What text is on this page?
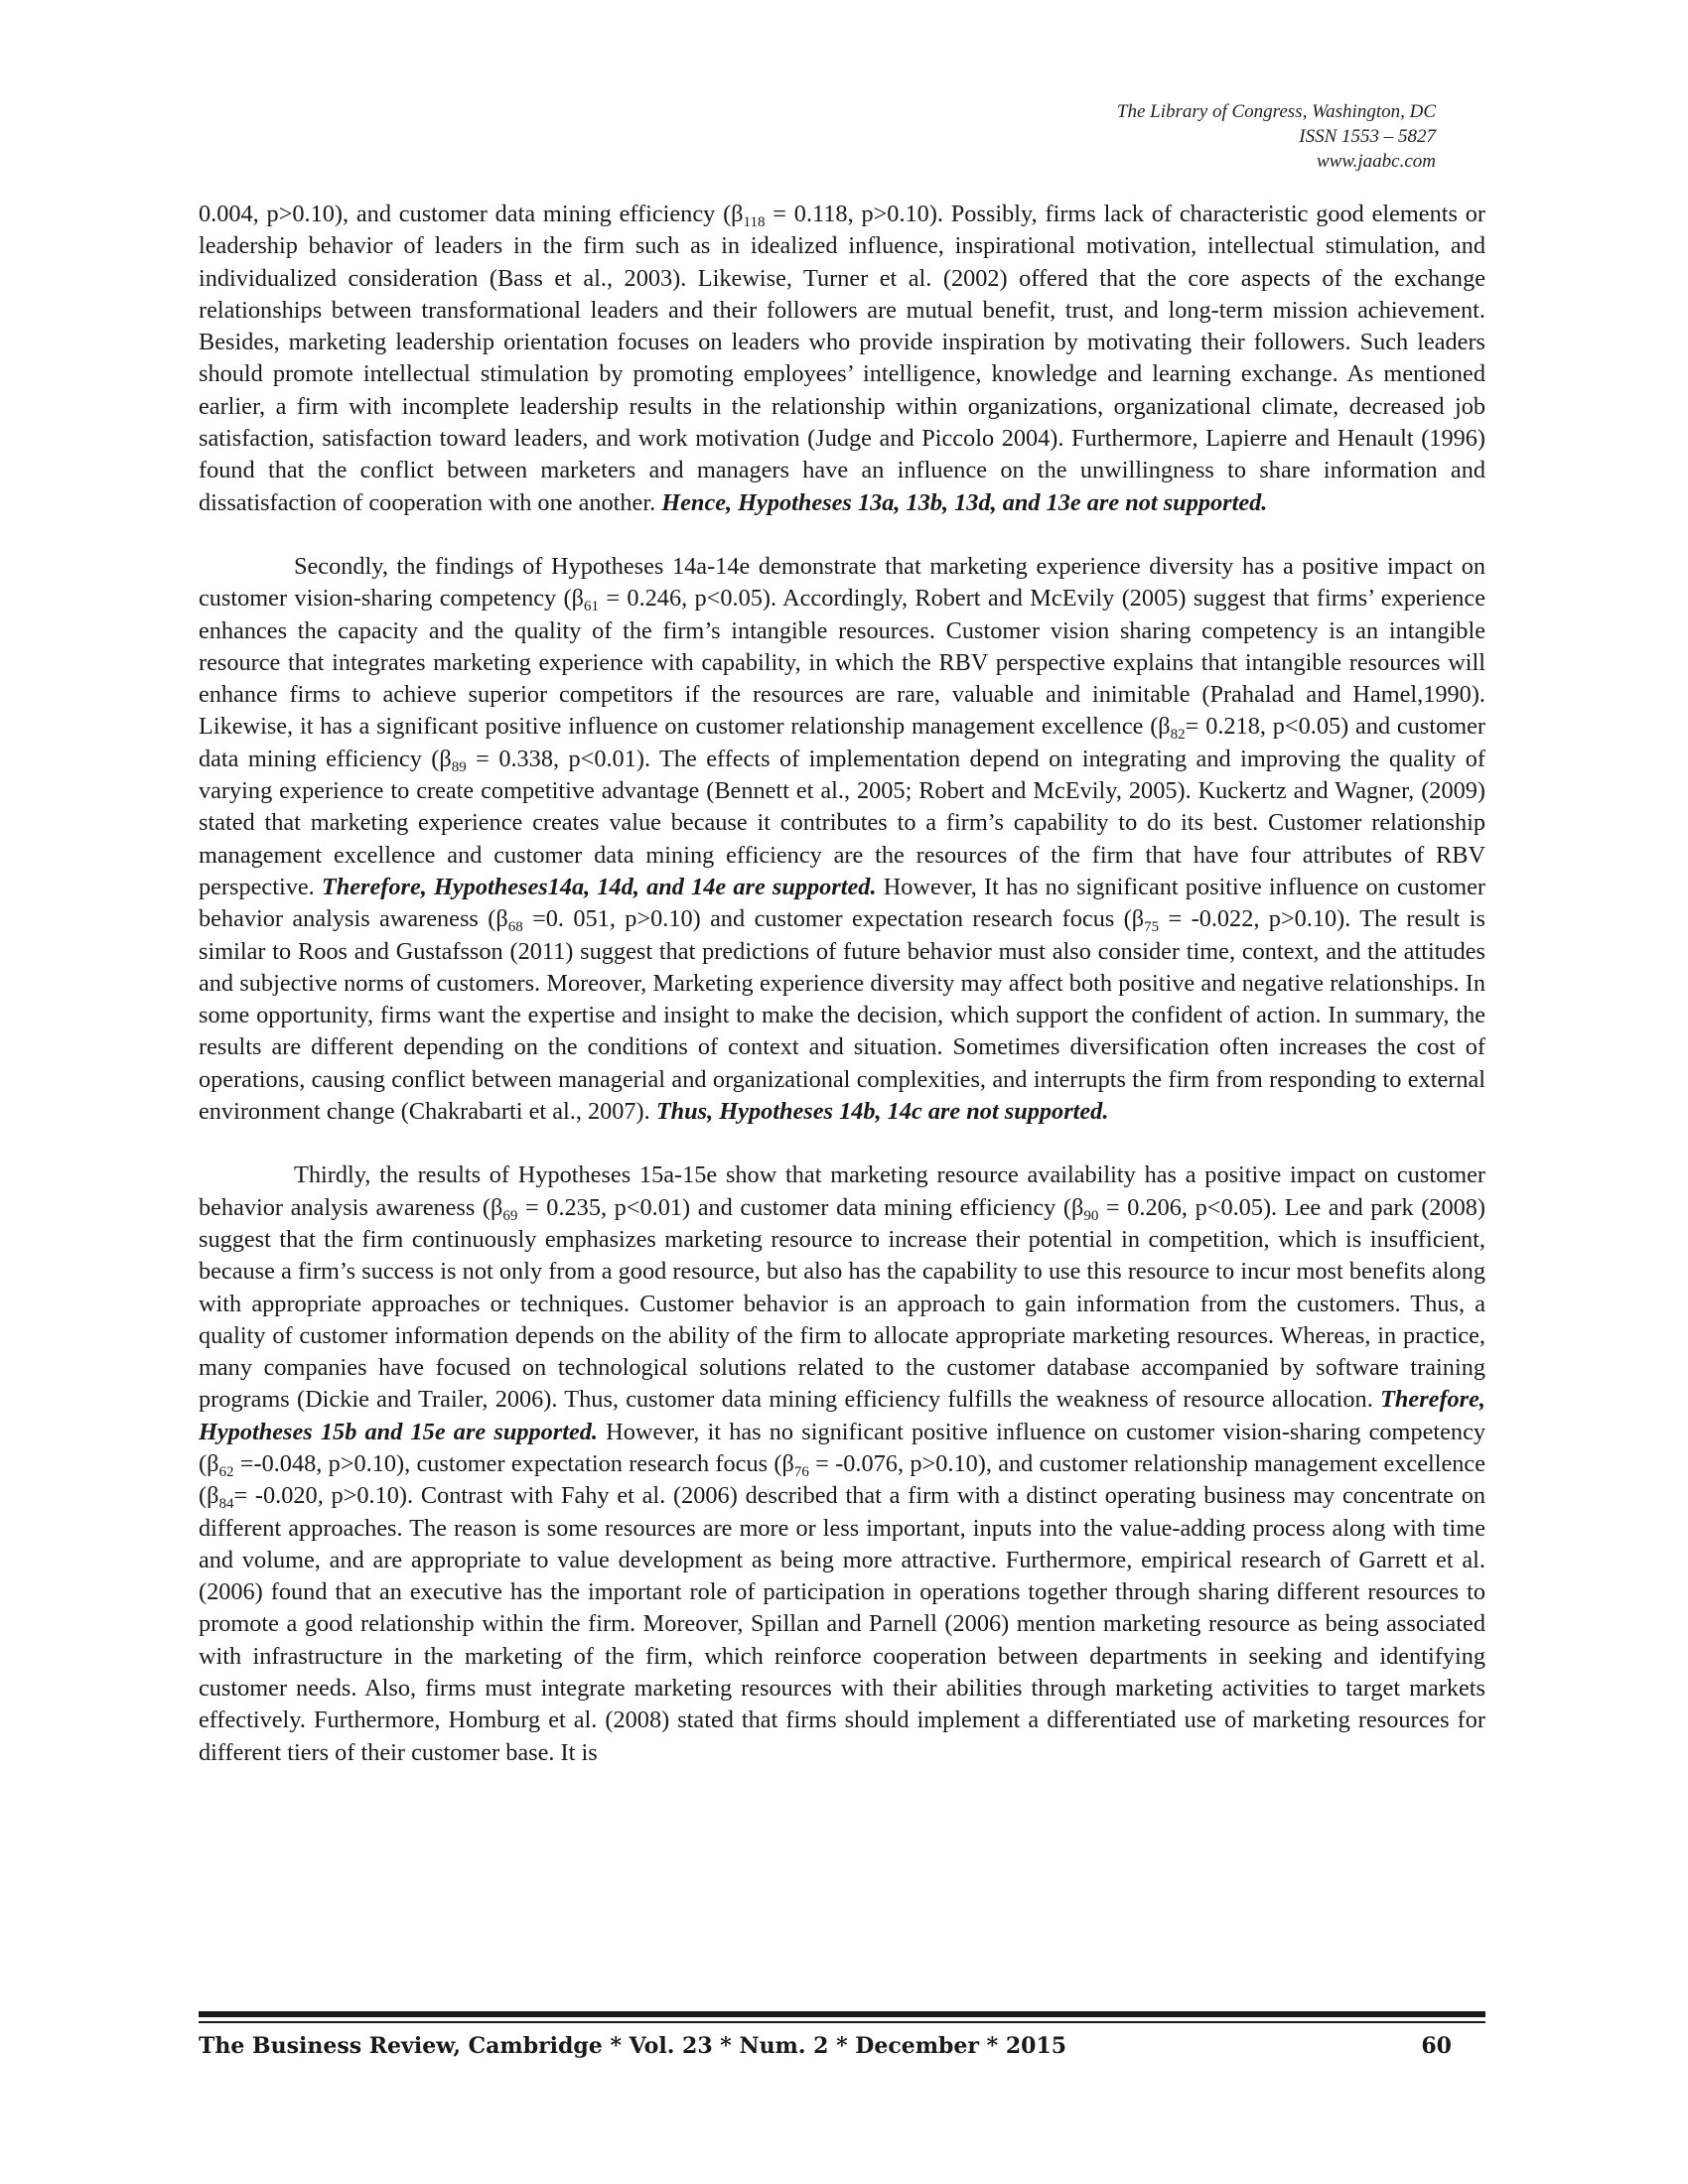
The Library of Congress, Washington, DC
ISSN 1553 – 5827
www.jaabc.com

0.004, p>0.10), and customer data mining efficiency ($\beta_{118} = 0.118$, p>0.10). Possibly, firms lack of characteristic good elements or leadership behavior of leaders in the firm such as in idealized influence, inspirational motivation, intellectual stimulation, and individualized consideration (Bass et al., 2003). Likewise, Turner et al. (2002) offered that the core aspects of the exchange relationships between transformational leaders and their followers are mutual benefit, trust, and long-term mission achievement. Besides, marketing leadership orientation focuses on leaders who provide inspiration by motivating their followers. Such leaders should promote intellectual stimulation by promoting employees’ intelligence, knowledge and learning exchange. As mentioned earlier, a firm with incomplete leadership results in the relationship within organizations, organizational climate, decreased job satisfaction, satisfaction toward leaders, and work motivation (Judge and Piccolo 2004). Furthermore, Lapierre and Henault (1996) found that the conflict between marketers and managers have an influence on the unwillingness to share information and dissatisfaction of cooperation with one another. Hence, Hypotheses 13a, 13b, 13d, and 13e are not supported.

Secondly, the findings of Hypotheses 14a-14e demonstrate that marketing experience diversity has a positive impact on customer vision-sharing competency ($\beta_{61} = 0.246$, p<0.05). Accordingly, Robert and McEvily (2005) suggest that firms’ experience enhances the capacity and the quality of the firm’s intangible resources. Customer vision sharing competency is an intangible resource that integrates marketing experience with capability, in which the RBV perspective explains that intangible resources will enhance firms to achieve superior competitors if the resources are rare, valuable and inimitable (Prahalad and Hamel,1990). Likewise, it has a significant positive influence on customer relationship management excellence ($\beta_{82}= 0.218$, p<0.05) and customer data mining efficiency ($\beta_{89} = 0.338$, p<0.01). The effects of implementation depend on integrating and improving the quality of varying experience to create competitive advantage (Bennett et al., 2005; Robert and McEvily, 2005). Kuckertz and Wagner, (2009) stated that marketing experience creates value because it contributes to a firm’s capability to do its best. Customer relationship management excellence and customer data mining efficiency are the resources of the firm that have four attributes of RBV perspective. Therefore, Hypotheses14a, 14d, and 14e are supported. However, It has no significant positive influence on customer behavior analysis awareness ($\beta_{68} =0$. 051, p>0.10) and customer expectation research focus ($\beta_{75} = -0.022$, p>0.10). The result is similar to Roos and Gustafsson (2011) suggest that predictions of future behavior must also consider time, context, and the attitudes and subjective norms of customers. Moreover, Marketing experience diversity may affect both positive and negative relationships. In some opportunity, firms want the expertise and insight to make the decision, which support the confident of action. In summary, the results are different depending on the conditions of context and situation. Sometimes diversification often increases the cost of operations, causing conflict between managerial and organizational complexities, and interrupts the firm from responding to external environment change (Chakrabarti et al., 2007). Thus, Hypotheses 14b, 14c are not supported.

Thirdly, the results of Hypotheses 15a-15e show that marketing resource availability has a positive impact on customer behavior analysis awareness ($\beta_{69} = 0.235$, p<0.01) and customer data mining efficiency ($\beta_{90} = 0.206$, p<0.05). Lee and park (2008) suggest that the firm continuously emphasizes marketing resource to increase their potential in competition, which is insufficient, because a firm’s success is not only from a good resource, but also has the capability to use this resource to incur most benefits along with appropriate approaches or techniques. Customer behavior is an approach to gain information from the customers. Thus, a quality of customer information depends on the ability of the firm to allocate appropriate marketing resources. Whereas, in practice, many companies have focused on technological solutions related to the customer database accompanied by software training programs (Dickie and Trailer, 2006). Thus, customer data mining efficiency fulfills the weakness of resource allocation. Therefore, Hypotheses 15b and 15e are supported. However, it has no significant positive influence on customer vision-sharing competency ($\beta_{62} =-0.048$, p>0.10), customer expectation research focus ($\beta_{76} = -0.076$, p>0.10), and customer relationship management excellence ($\beta_{84}= -0.020$, p>0.10). Contrast with Fahy et al. (2006) described that a firm with a distinct operating business may concentrate on different approaches. The reason is some resources are more or less important, inputs into the value-adding process along with time and volume, and are appropriate to value development as being more attractive. Furthermore, empirical research of Garrett et al. (2006) found that an executive has the important role of participation in operations together through sharing different resources to promote a good relationship within the firm. Moreover, Spillan and Parnell (2006) mention marketing resource as being associated with infrastructure in the marketing of the firm, which reinforce cooperation between departments in seeking and identifying customer needs. Also, firms must integrate marketing resources with their abilities through marketing activities to target markets effectively. Furthermore, Homburg et al. (2008) stated that firms should implement a differentiated use of marketing resources for different tiers of their customer base. It is

The Business Review, Cambridge * Vol. 23 * Num. 2 * December * 2015	60
